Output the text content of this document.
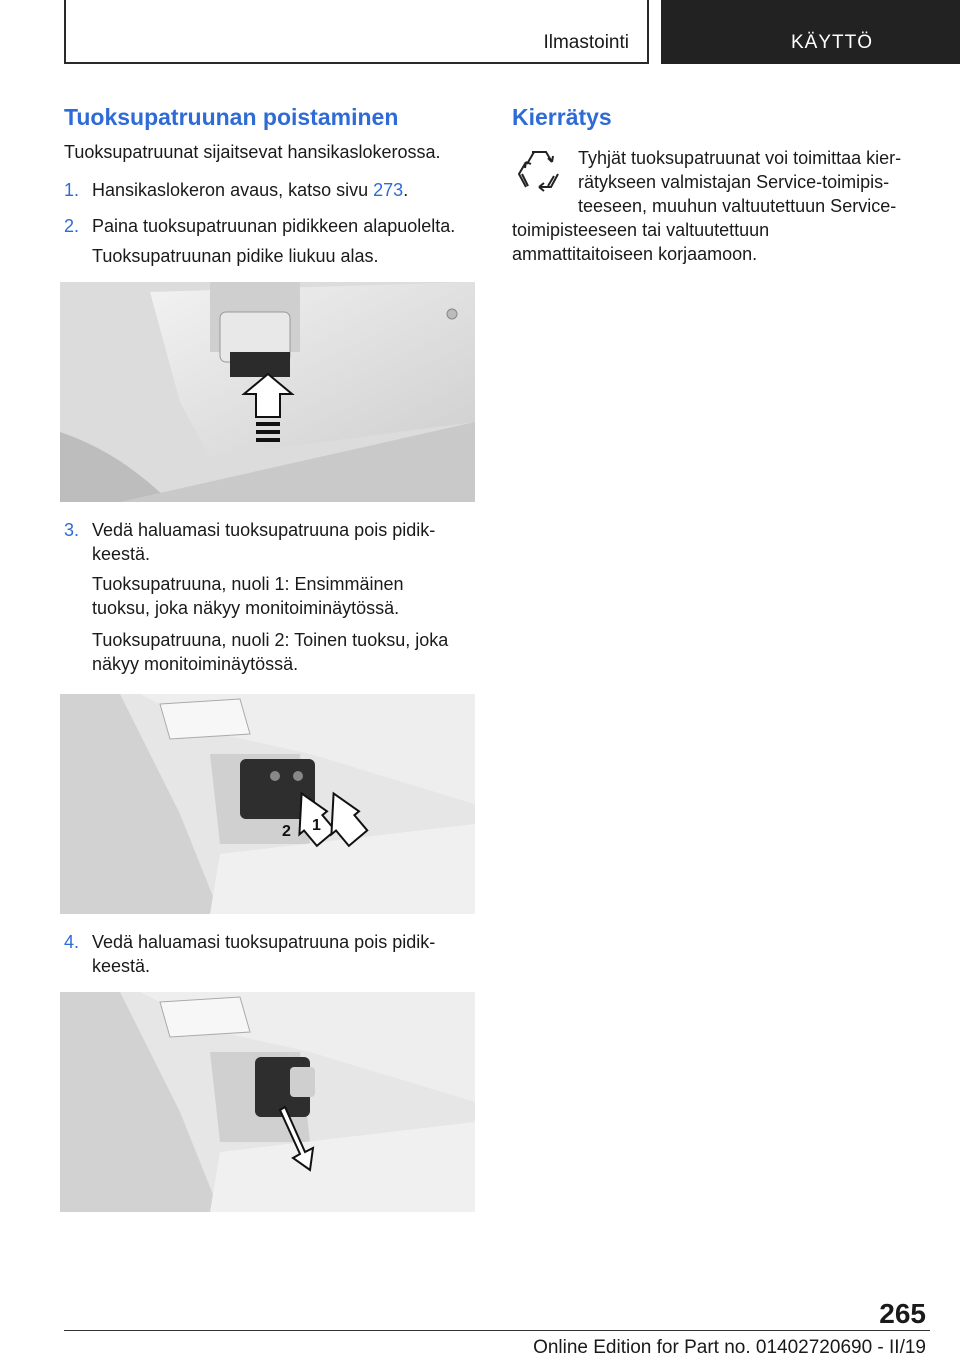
Ilmastointi	KÄYTTÖ
Tuoksupatruunan poistaminen

Tuoksupatruunat sijaitsevat hansikaslokerossa.

1. Hansikaslokeron avaus, katso sivu 273.
2. Paina tuoksupatruunan pidikkeen alapuolelta.
Tuoksupatruunan pidike liukuu alas.
3. Vedä haluamasi tuoksupatruuna pois pidik-
keestä.
Tuoksupatruuna, nuoli 1: Ensimmäinen
tuoksu, joka näkyy monitoiminäytössä.
Tuoksupatruuna, nuoli 2: Toinen tuoksu, joka
näkyy monitoiminäytössä.
2 1
4. Vedä haluamasi tuoksupatruuna pois pidik-
keestä.
Kierrätys

Tyhjät tuoksupatruunat voi toimittaa kier-

rätykseen valmistajan Service-toimipis-

teeseen, muuhun valtuutettuun Service-

toimipisteeseen tai valtuutettuun

ammattitaitoiseen korjaamoon.

265
Online Edition for Part no. 01402720690 - II/19
